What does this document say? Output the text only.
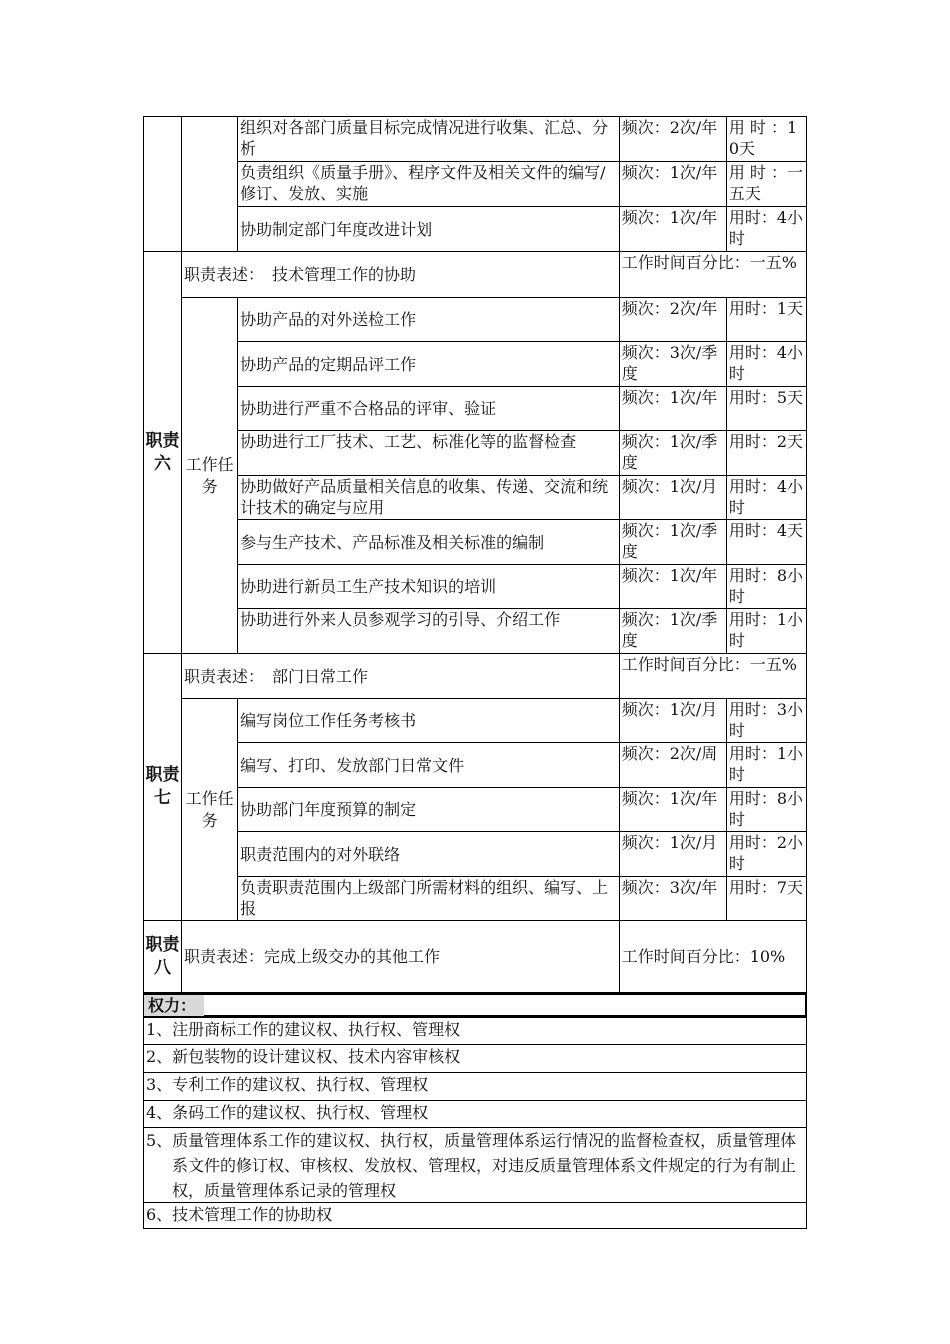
		组织对各部门质量目标完成情况进行收集、汇总、分析	频次：2次/年	用 时 ：10天
		负责组织《质量手册》、程序文件及相关文件的编写/修订、发放、实施	频次：1次/年	用 时 ：一五天
		协助制定部门年度改进计划	频次：1次/年	用时：4小时
职责六	职责表述：　技术管理工作的协助		工作时间百分比：一五%	
	工作任务	协助产品的对外送检工作	频次：2次/年	用时：1天
		协助产品的定期品评工作	频次：3次/季度	用时：4小时
		协助进行严重不合格品的评审、验证	频次：1次/年	用时：5天
		协助进行工厂技术、工艺、标准化等的监督检查	频次：1次/季度	用时：2天
		协助做好产品质量相关信息的收集、传递、交流和统计技术的确定与应用	频次：1次/月	用时：4小时
		参与生产技术、产品标准及相关标准的编制	频次：1次/季度	用时：4天
		协助进行新员工生产技术知识的培训	频次：1次/年	用时：8小时
		协助进行外来人员参观学习的引导、介绍工作	频次：1次/季度	用时：1小时
职责七	职责表述：　部门日常工作		工作时间百分比：一五%	
	工作任务	编写岗位工作任务考核书	频次：1次/月	用时：3小时
		编写、打印、发放部门日常文件	频次：2次/周	用时：1小时
		协助部门年度预算的制定	频次：1次/年	用时：8小时
		职责范围内的对外联络	频次：1次/月	用时：2小时
		负责职责范围内上级部门所需材料的组织、编写、上报	频次：3次/年	用时：7天
职责八	职责表述：完成上级交办的其他工作		工作时间百分比：10%	
权力：
1、注册商标工作的建议权、执行权、管理权
2、新包装物的设计建议权、技术内容审核权
3、专利工作的建议权、执行权、管理权
4、条码工作的建议权、执行权、管理权
5、质量管理体系工作的建议权、执行权，质量管理体系运行情况的监督检查权，质量管理体系文件的修订权、审核权、发放权、管理权，对违反质量管理体系文件规定的行为有制止权，质量管理体系记录的管理权
6、技术管理工作的协助权
